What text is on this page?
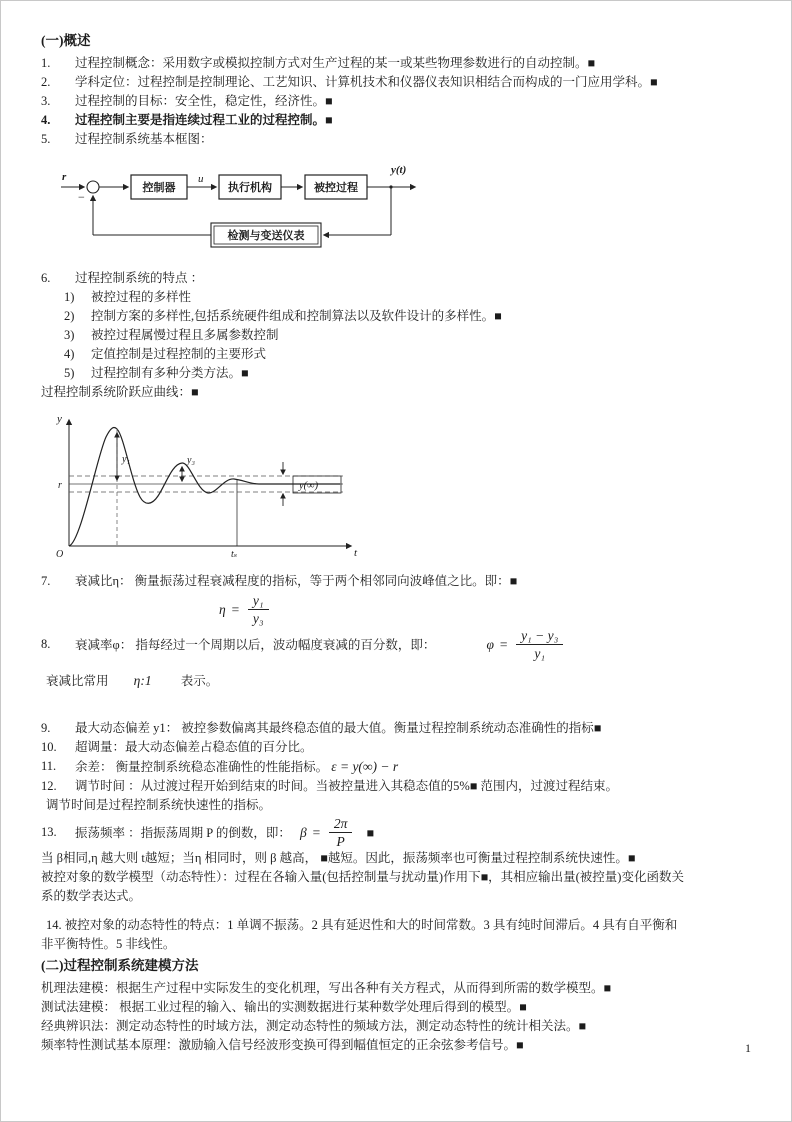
(一)概述
1.	过程控制概念：采用数字或模拟控制方式对生产过程的某一或某些物理参数进行的自动控制。■
2.	学科定位：过程控制是控制理论、工艺知识、计算机技术和仪器仪表知识相结合而构成的一门应用学科。■
3.	过程控制的目标：安全性，稳定性，经济性。■
4.	过程控制主要是指连续过程工业的过程控制。■
5.	过程控制系统基本框图：
r
−
控制器
u
执行机构	被控过程
y(t)
检测与变送仪表
6.	过程控制系统的特点 ：
1)	被控过程的多样性
2)	控制方案的多样性,包括系统硬件组成和控制算法以及软件设计的多样性。■
3)	被控过程属慢过程且多属参数控制
4)	定值控制是过程控制的主要形式
5)	过程控制有多种分类方法。■
过程控制系统阶跃应曲线：■
y
t
O
r
y₁	y₃
tₛ
y(∞)
7.	衰减比η： 衡量振荡过程衰减程度的指标，等于两个相邻同向波峰值之比。即：■
$\eta = \frac{\text{y₁}}{\text{y₃}}$
8.	衰减率φ： 指每经过一个周期以后，波动幅度衰减的百分数，即：	$\varphi = \frac{\text{y₁ − y₃}}{\text{y₁}}$
衰减比常用 η:1 表示。
9.	最大动态偏差 y1： 被控参数偏离其最终稳态值的最大值。衡量过程控制系统动态准确性的指标■
10.	超调量：最大动态偏差占稳态值的百分比。
11.	余差： 衡量控制系统稳态准确性的性能指标。 ε = y(∞) − r
12.	调节时间 ：从过渡过程开始到结束的时间。当被控量进入其稳态值的5%■ 范围内，过渡过程结束。
调节时间是过程控制系统快速性的指标。
13.	振荡频率 ：指振荡周期 P 的倒数，即： $\beta = \frac{2\pi}{P}$ ■
当 β相同,η 越大则 t越短；当η 相同时，则 β 越高， ■越短。因此，振荡频率也可衡量过程控制系统快速性。■
被控对象的数学模型（动态特性）：过程在各输入量(包括控制量与扰动量)作用下■，其相应输出量(被控量)变化函数关
系的数学表达式。
14. 被控对象的动态特性的特点：1 单调不振荡。2 具有延迟性和大的时间常数。3 具有纯时间滞后。4 具有自平衡和
非平衡特性。5 非线性。
(二)过程控制系统建模方法
机理法建模：根据生产过程中实际发生的变化机理，写出各种有关方程式，从而得到所需的数学模型。■
测试法建模： 根据工业过程的输入、输出的实测数据进行某种数学处理后得到的模型。■
经典辨识法：测定动态特性的时域方法，测定动态特性的频域方法，测定动态特性的统计相关法。■
频率特性测试基本原理：激励输入信号经波形变换可得到幅值恒定的正余弦参考信号。■	1
